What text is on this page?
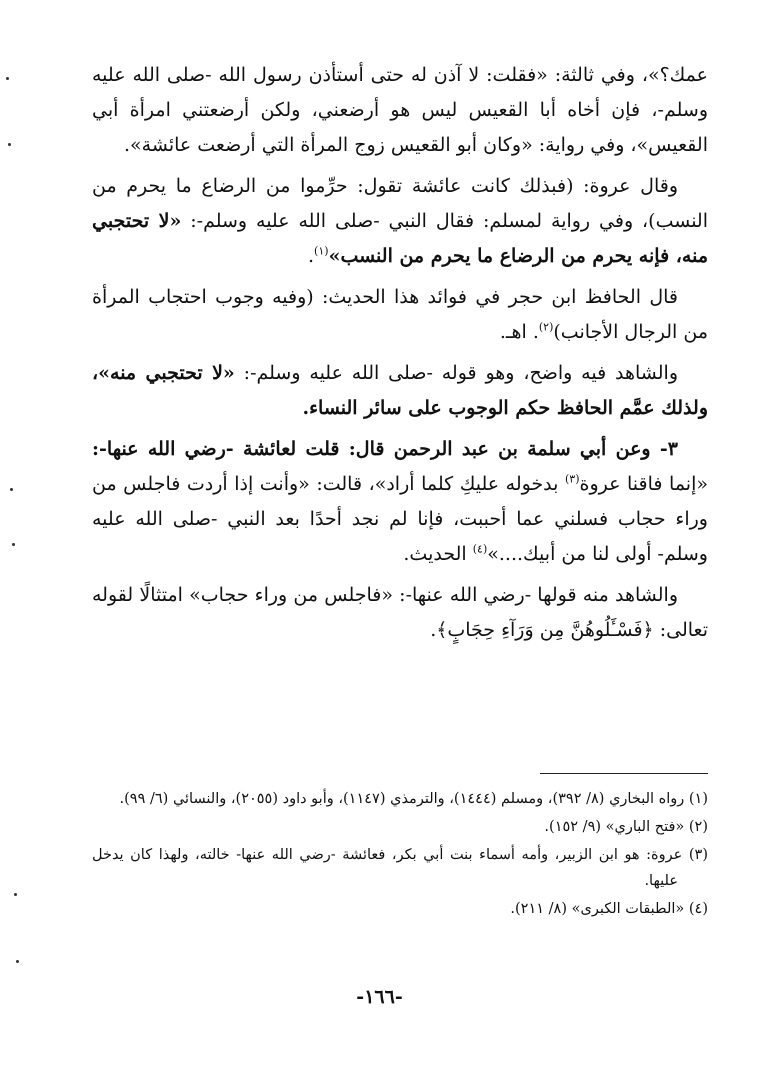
عمك؟»، وفي ثالثة: «فقلت: لا آذن له حتى أستأذن رسول الله -صلى الله عليه وسلم-، فإن أخاه أبا القعيس ليس هو أرضعني، ولكن أرضعتني امرأة أبي القعيس»، وفي رواية: «وكان أبو القعيس زوج المرأة التي أرضعت عائشة».

وقال عروة: (فبذلك كانت عائشة تقول: حرِّموا من الرضاع ما يحرم من النسب)، وفي رواية لمسلم: فقال النبي -صلى الله عليه وسلم-: «لا تحتجبي منه، فإنه يحرم من الرضاع ما يحرم من النسب»$^{(١)}$.

قال الحافظ ابن حجر في فوائد هذا الحديث: (وفيه وجوب احتجاب المرأة من الرجال الأجانب)$^{(٢)}$. اهـ.

والشاهد فيه واضح، وهو قوله -صلى الله عليه وسلم-: «لا تحتجبي منه»، ولذلك عمَّم الحافظ حكم الوجوب على سائر النساء.

٣- وعن أبي سلمة بن عبد الرحمن قال: قلت لعائشة -رضي الله عنها-: «إنما فاقنا عروة$^{(٣)}$ بدخوله عليكِ كلما أراد»، قالت: «وأنت إذا أردت فاجلس من وراء حجاب فسلني عما أحببت، فإنا لم نجد أحدًا بعد النبي -صلى الله عليه وسلم- أولى لنا من أبيك....»$^{(٤)}$ الحديث.

والشاهد منه قولها -رضي الله عنها-: «فاجلس من وراء حجاب» امتثالًا لقوله تعالى: ﴿فَسْـَٔلُوهُنَّ مِن وَرَآءِ حِجَابٍ﴾.

(١) رواه البخاري (٨/ ٣٩٢)، ومسلم (١٤٤٤)، والترمذي (١١٤٧)، وأبو داود (٢٠٥٥)، والنسائي (٦/ ٩٩).

(٢) «فتح الباري» (٩/ ١٥٢).

(٣) عروة: هو ابن الزبير، وأمه أسماء بنت أبي بكر، فعائشة -رضي الله عنها- خالته، ولهذا كان يدخل عليها.

(٤) «الطبقات الكبرى» (٨/ ٢١١).

-١٦٦-
